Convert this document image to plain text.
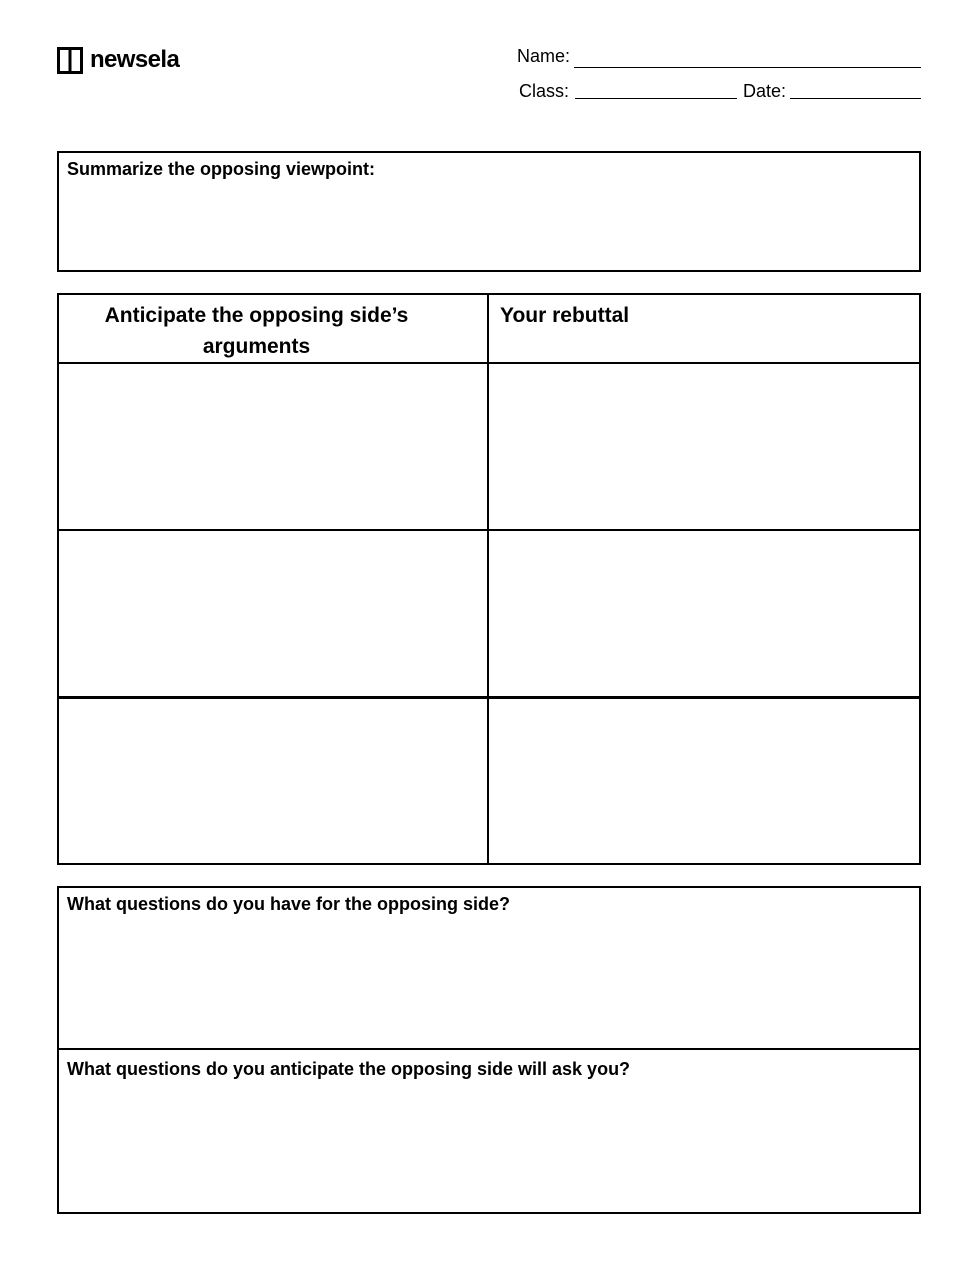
newsela	Name:
Class:	Date:
Summarize the opposing viewpoint:
Anticipate the opposing side’s
arguments
Your rebuttal
What questions do you have for the opposing side?
What questions do you anticipate the opposing side will ask you?
